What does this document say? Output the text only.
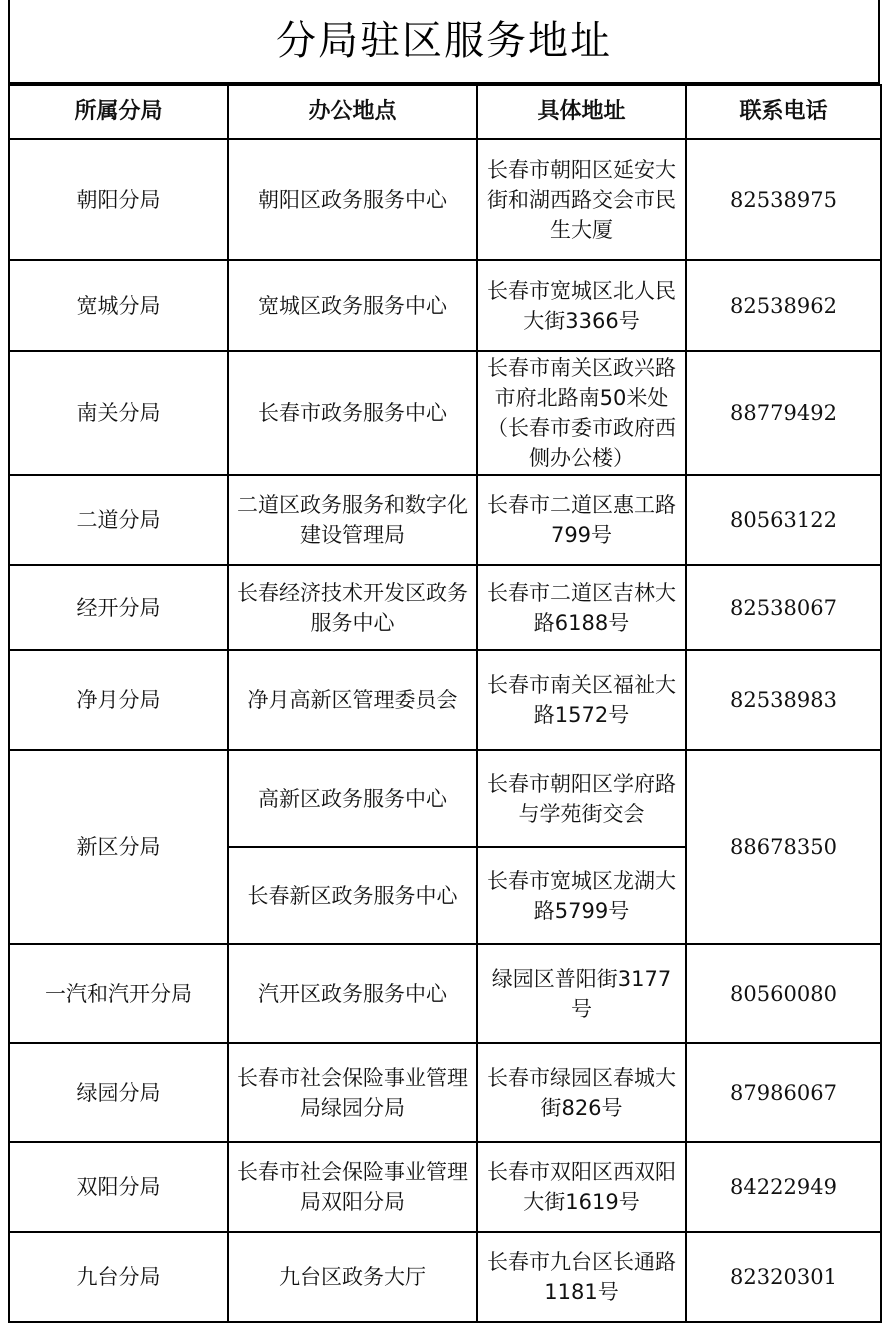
分局驻区服务地址
所属分局	办公地点	具体地址	联系电话
朝阳分局	朝阳区政务服务中心	长春市朝阳区延安大街和湖西路交会市民生大厦	82538975
宽城分局	宽城区政务服务中心	长春市宽城区北人民大街3366号	82538962
南关分局	长春市政务服务中心	长春市南关区政兴路市府北路南50米处（长春市委市政府西侧办公楼）	88779492
二道分局	二道区政务服务和数字化建设管理局	长春市二道区惠工路799号	80563122
经开分局	长春经济技术开发区政务服务中心	长春市二道区吉林大路6188号	82538067
净月分局	净月高新区管理委员会	长春市南关区福祉大路1572号	82538983
新区分局	高新区政务服务中心	长春市朝阳区学府路与学苑街交会	88678350
	长春新区政务服务中心	长春市宽城区龙湖大路5799号	
一汽和汽开分局	汽开区政务服务中心	绿园区普阳街3177号	80560080
绿园分局	长春市社会保险事业管理局绿园分局	长春市绿园区春城大街826号	87986067
双阳分局	长春市社会保险事业管理局双阳分局	长春市双阳区西双阳大街1619号	84222949
九台分局	九台区政务大厅	长春市九台区长通路1181号	82320301
